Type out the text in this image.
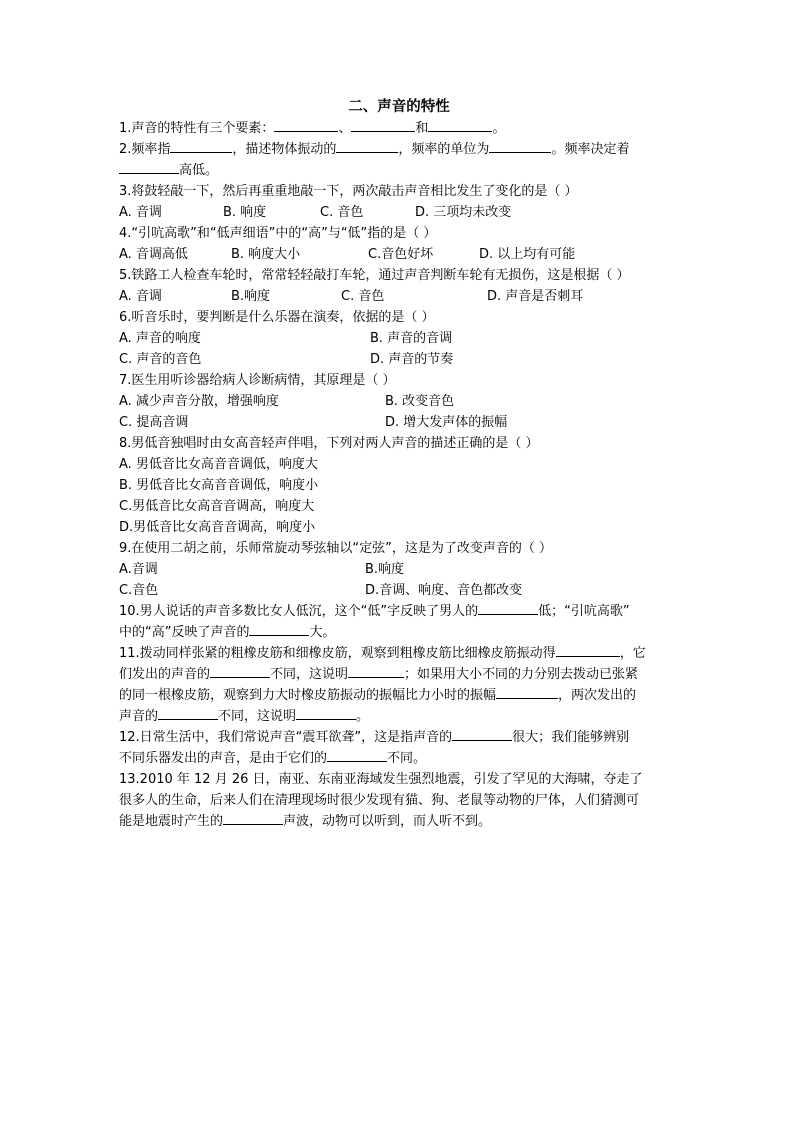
二、声音的特性
1.声音的特性有三个要素：	、	和	。
2.频率指	，描述物体振动的	，频率的单位为	。频率决定着
高低。
3.将鼓轻敲一下，然后再重重地敲一下，两次敲击声音相比发生了变化的是（ ）
A. 音调	B. 响度	C. 音色	D. 三项均未改变
4.“引吭高歌”和“低声细语”中的“高”与“低”指的是（ ）
A. 音调高低	B. 响度大小	C.音色好坏	D. 以上均有可能
5.铁路工人检查车轮时，常常轻轻敲打车轮，通过声音判断车轮有无损伤，这是根据（ ）
A. 音调	B.响度	C. 音色	D. 声音是否刺耳
6.听音乐时，要判断是什么乐器在演奏，依据的是（ ）
A. 声音的响度	B. 声音的音调
C. 声音的音色	D. 声音的节奏
7.医生用听诊器给病人诊断病情，其原理是（ ）
A. 减少声音分散，增强响度	B. 改变音色
C. 提高音调	D. 增大发声体的振幅
8.男低音独唱时由女高音轻声伴唱，下列对两人声音的描述正确的是（ ）
A. 男低音比女高音音调低，响度大
B. 男低音比女高音音调低，响度小
C.男低音比女高音音调高，响度大
D.男低音比女高音音调高，响度小
9.在使用二胡之前，乐师常旋动琴弦轴以“定弦”，这是为了改变声音的（ ）
A.音调	B.响度
C.音色	D.音调、响度、音色都改变
10.男人说话的声音多数比女人低沉，这个“低”字反映了男人的	低；“引吭高歌”
中的“高”反映了声音的	大。
11.拨动同样张紧的粗橡皮筋和细橡皮筋，观察到粗橡皮筋比细橡皮筋振动得	，它
们发出的声音的	不同，这说明	；如果用大小不同的力分别去拨动已张紧
的同一根橡皮筋，观察到力大时橡皮筋振动的振幅比力小时的振幅	，两次发出的
声音的	不同，这说明	。
12.日常生活中，我们常说声音“震耳欲聋”，这是指声音的	很大；我们能够辨别
不同乐器发出的声音，是由于它们的	不同。
13.2010 年 12 月 26 日，南亚、东南亚海域发生强烈地震，引发了罕见的大海啸，夺走了
很多人的生命，后来人们在清理现场时很少发现有猫、狗、老鼠等动物的尸体，人们猜测可
能是地震时产生的	声波，动物可以听到，而人听不到。
